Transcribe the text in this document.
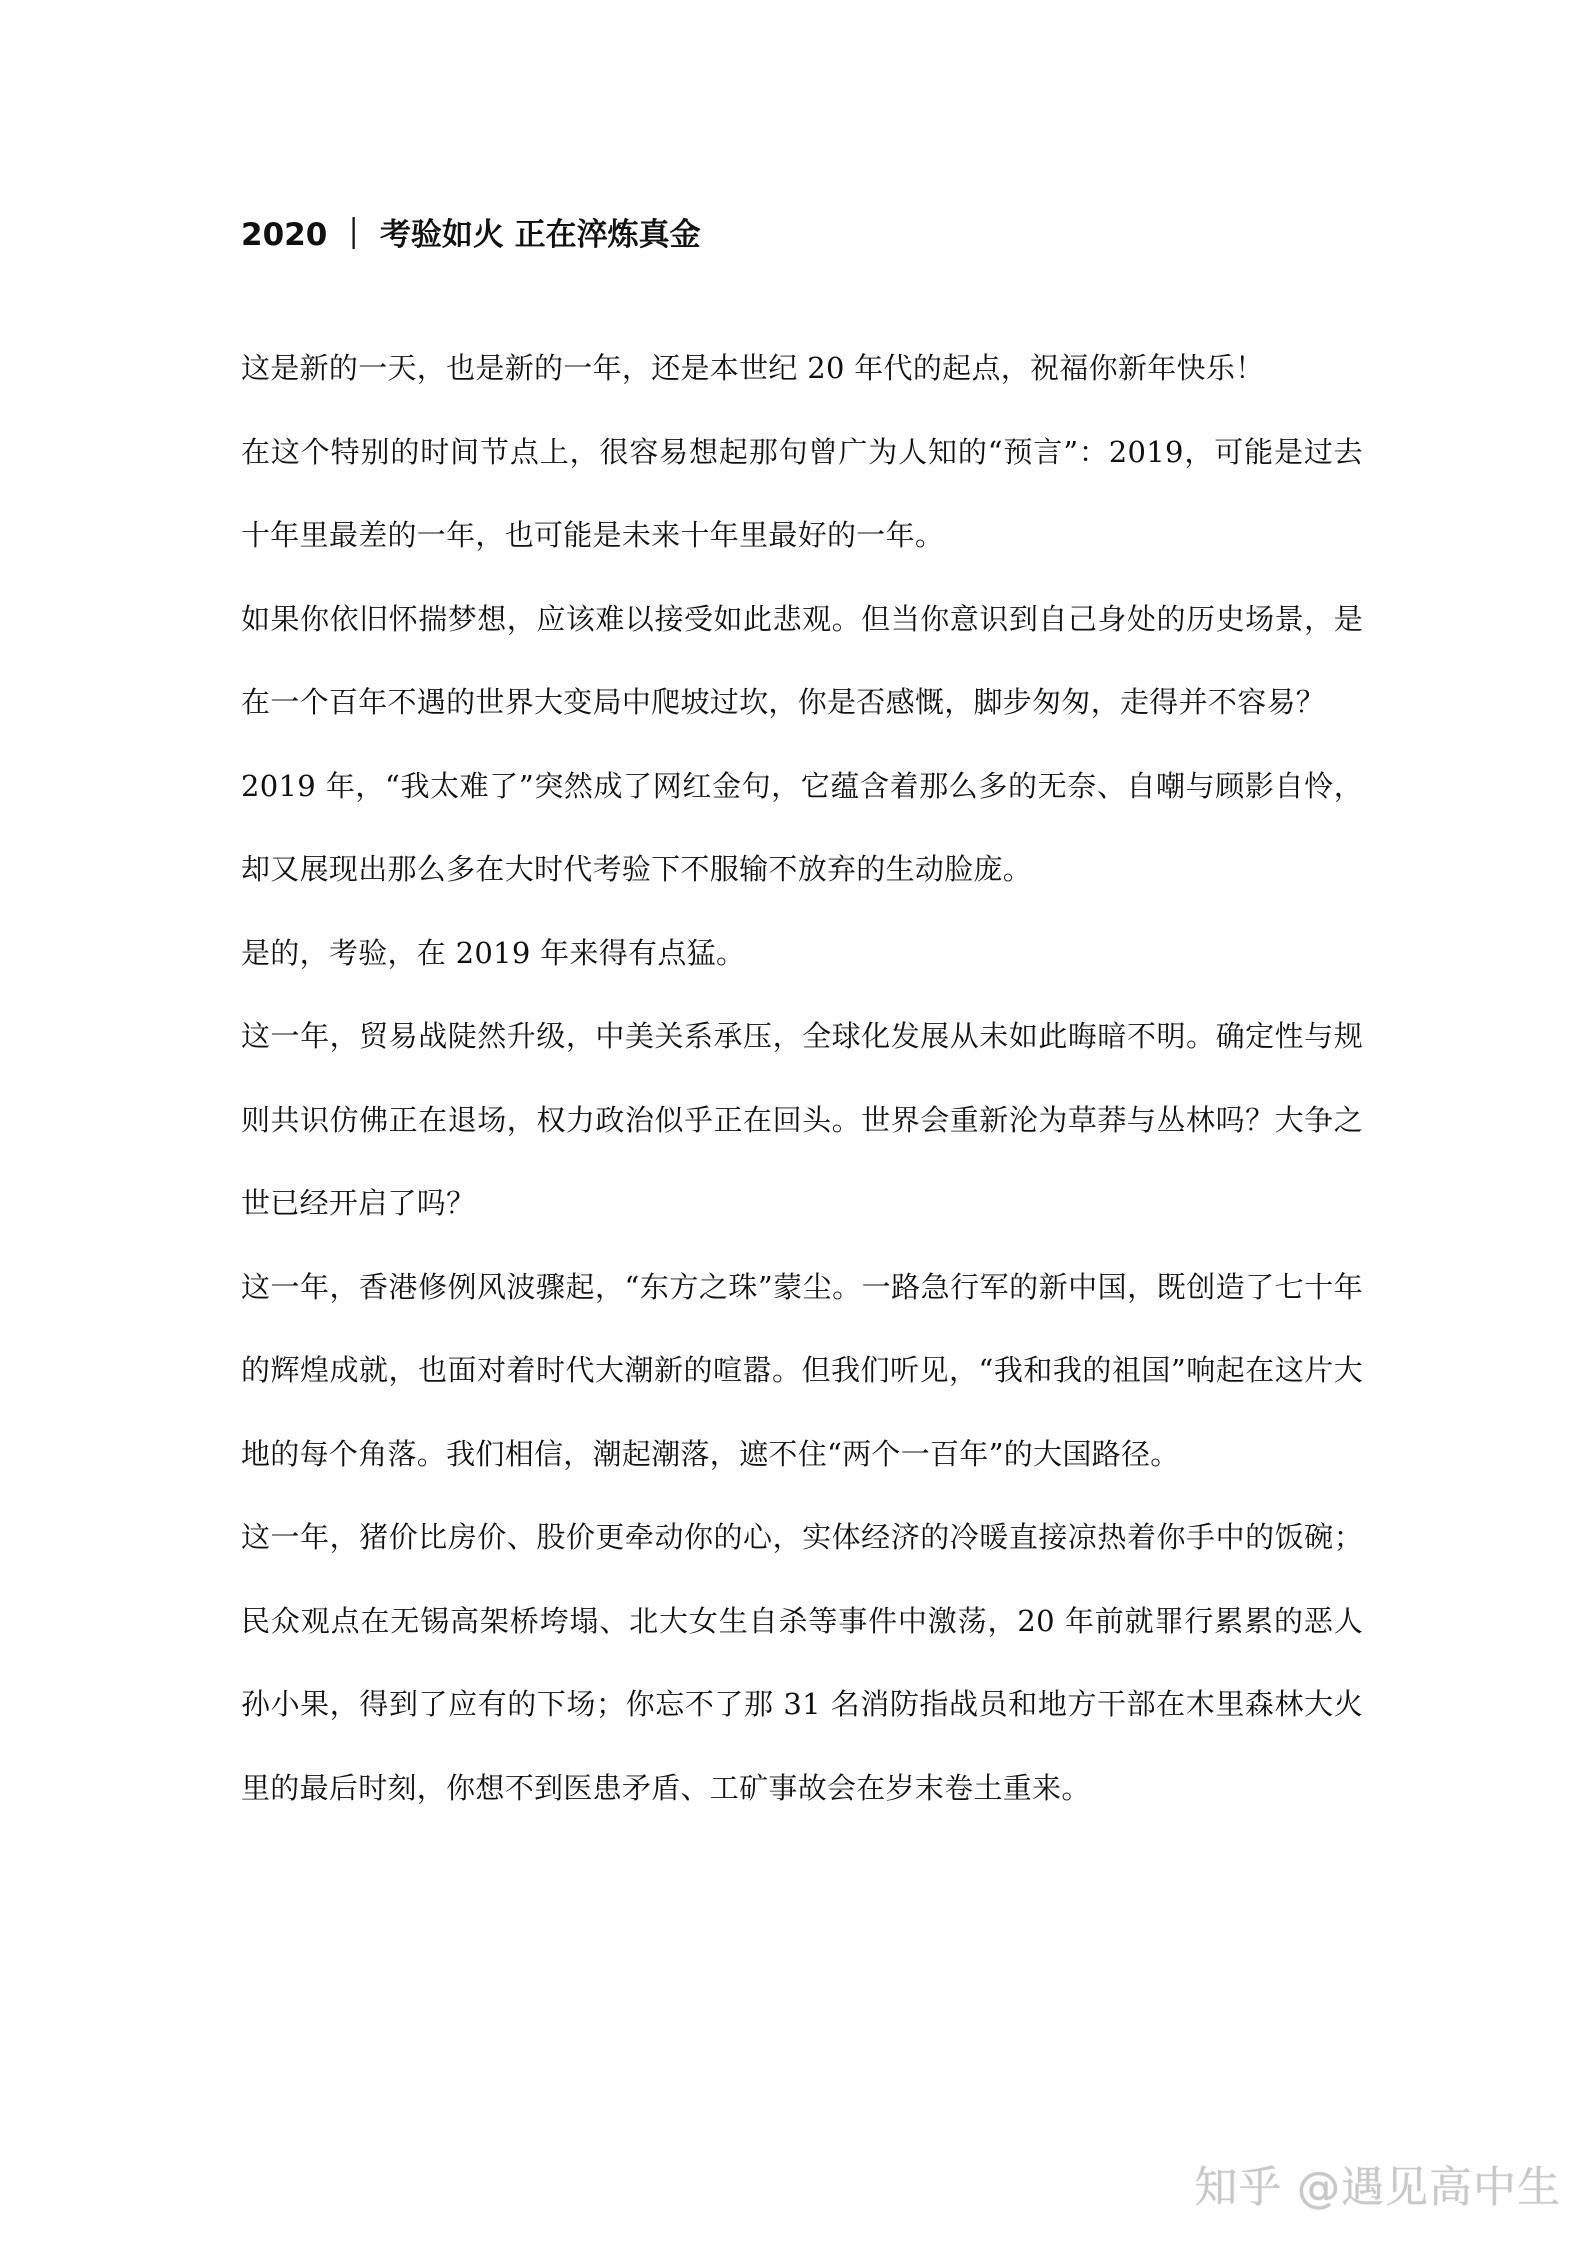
2020 ｜ 考验如火 正在淬炼真金

这是新的一天，也是新的一年，还是本世纪 20 年代的起点，祝福你新年快乐！

在这个特别的时间节点上，很容易想起那句曾广为人知的“预言”：2019，可能是过去十年里最差的一年，也可能是未来十年里最好的一年。

如果你依旧怀揣梦想，应该难以接受如此悲观。但当你意识到自己身处的历史场景，是在一个百年不遇的世界大变局中爬坡过坎，你是否感慨，脚步匆匆，走得并不容易？

2019 年，“我太难了”突然成了网红金句，它蕴含着那么多的无奈、自嘲与顾影自怜，却又展现出那么多在大时代考验下不服输不放弃的生动脸庞。

是的，考验，在 2019 年来得有点猛。

这一年，贸易战陡然升级，中美关系承压，全球化发展从未如此晦暗不明。确定性与规则共识仿佛正在退场，权力政治似乎正在回头。世界会重新沦为草莽与丛林吗？大争之世已经开启了吗？

这一年，香港修例风波骤起，“东方之珠”蒙尘。一路急行军的新中国，既创造了七十年的辉煌成就，也面对着时代大潮新的喧嚣。但我们听见，“我和我的祖国”响起在这片大地的每个角落。我们相信，潮起潮落，遮不住“两个一百年”的大国路径。

这一年，猪价比房价、股价更牵动你的心，实体经济的冷暖直接凉热着你手中的饭碗；民众观点在无锡高架桥垮塌、北大女生自杀等事件中激荡，20 年前就罪行累累的恶人孙小果，得到了应有的下场；你忘不了那 31 名消防指战员和地方干部在木里森林大火里的最后时刻，你想不到医患矛盾、工矿事故会在岁末卷土重来。

知乎 @遇见高中生
